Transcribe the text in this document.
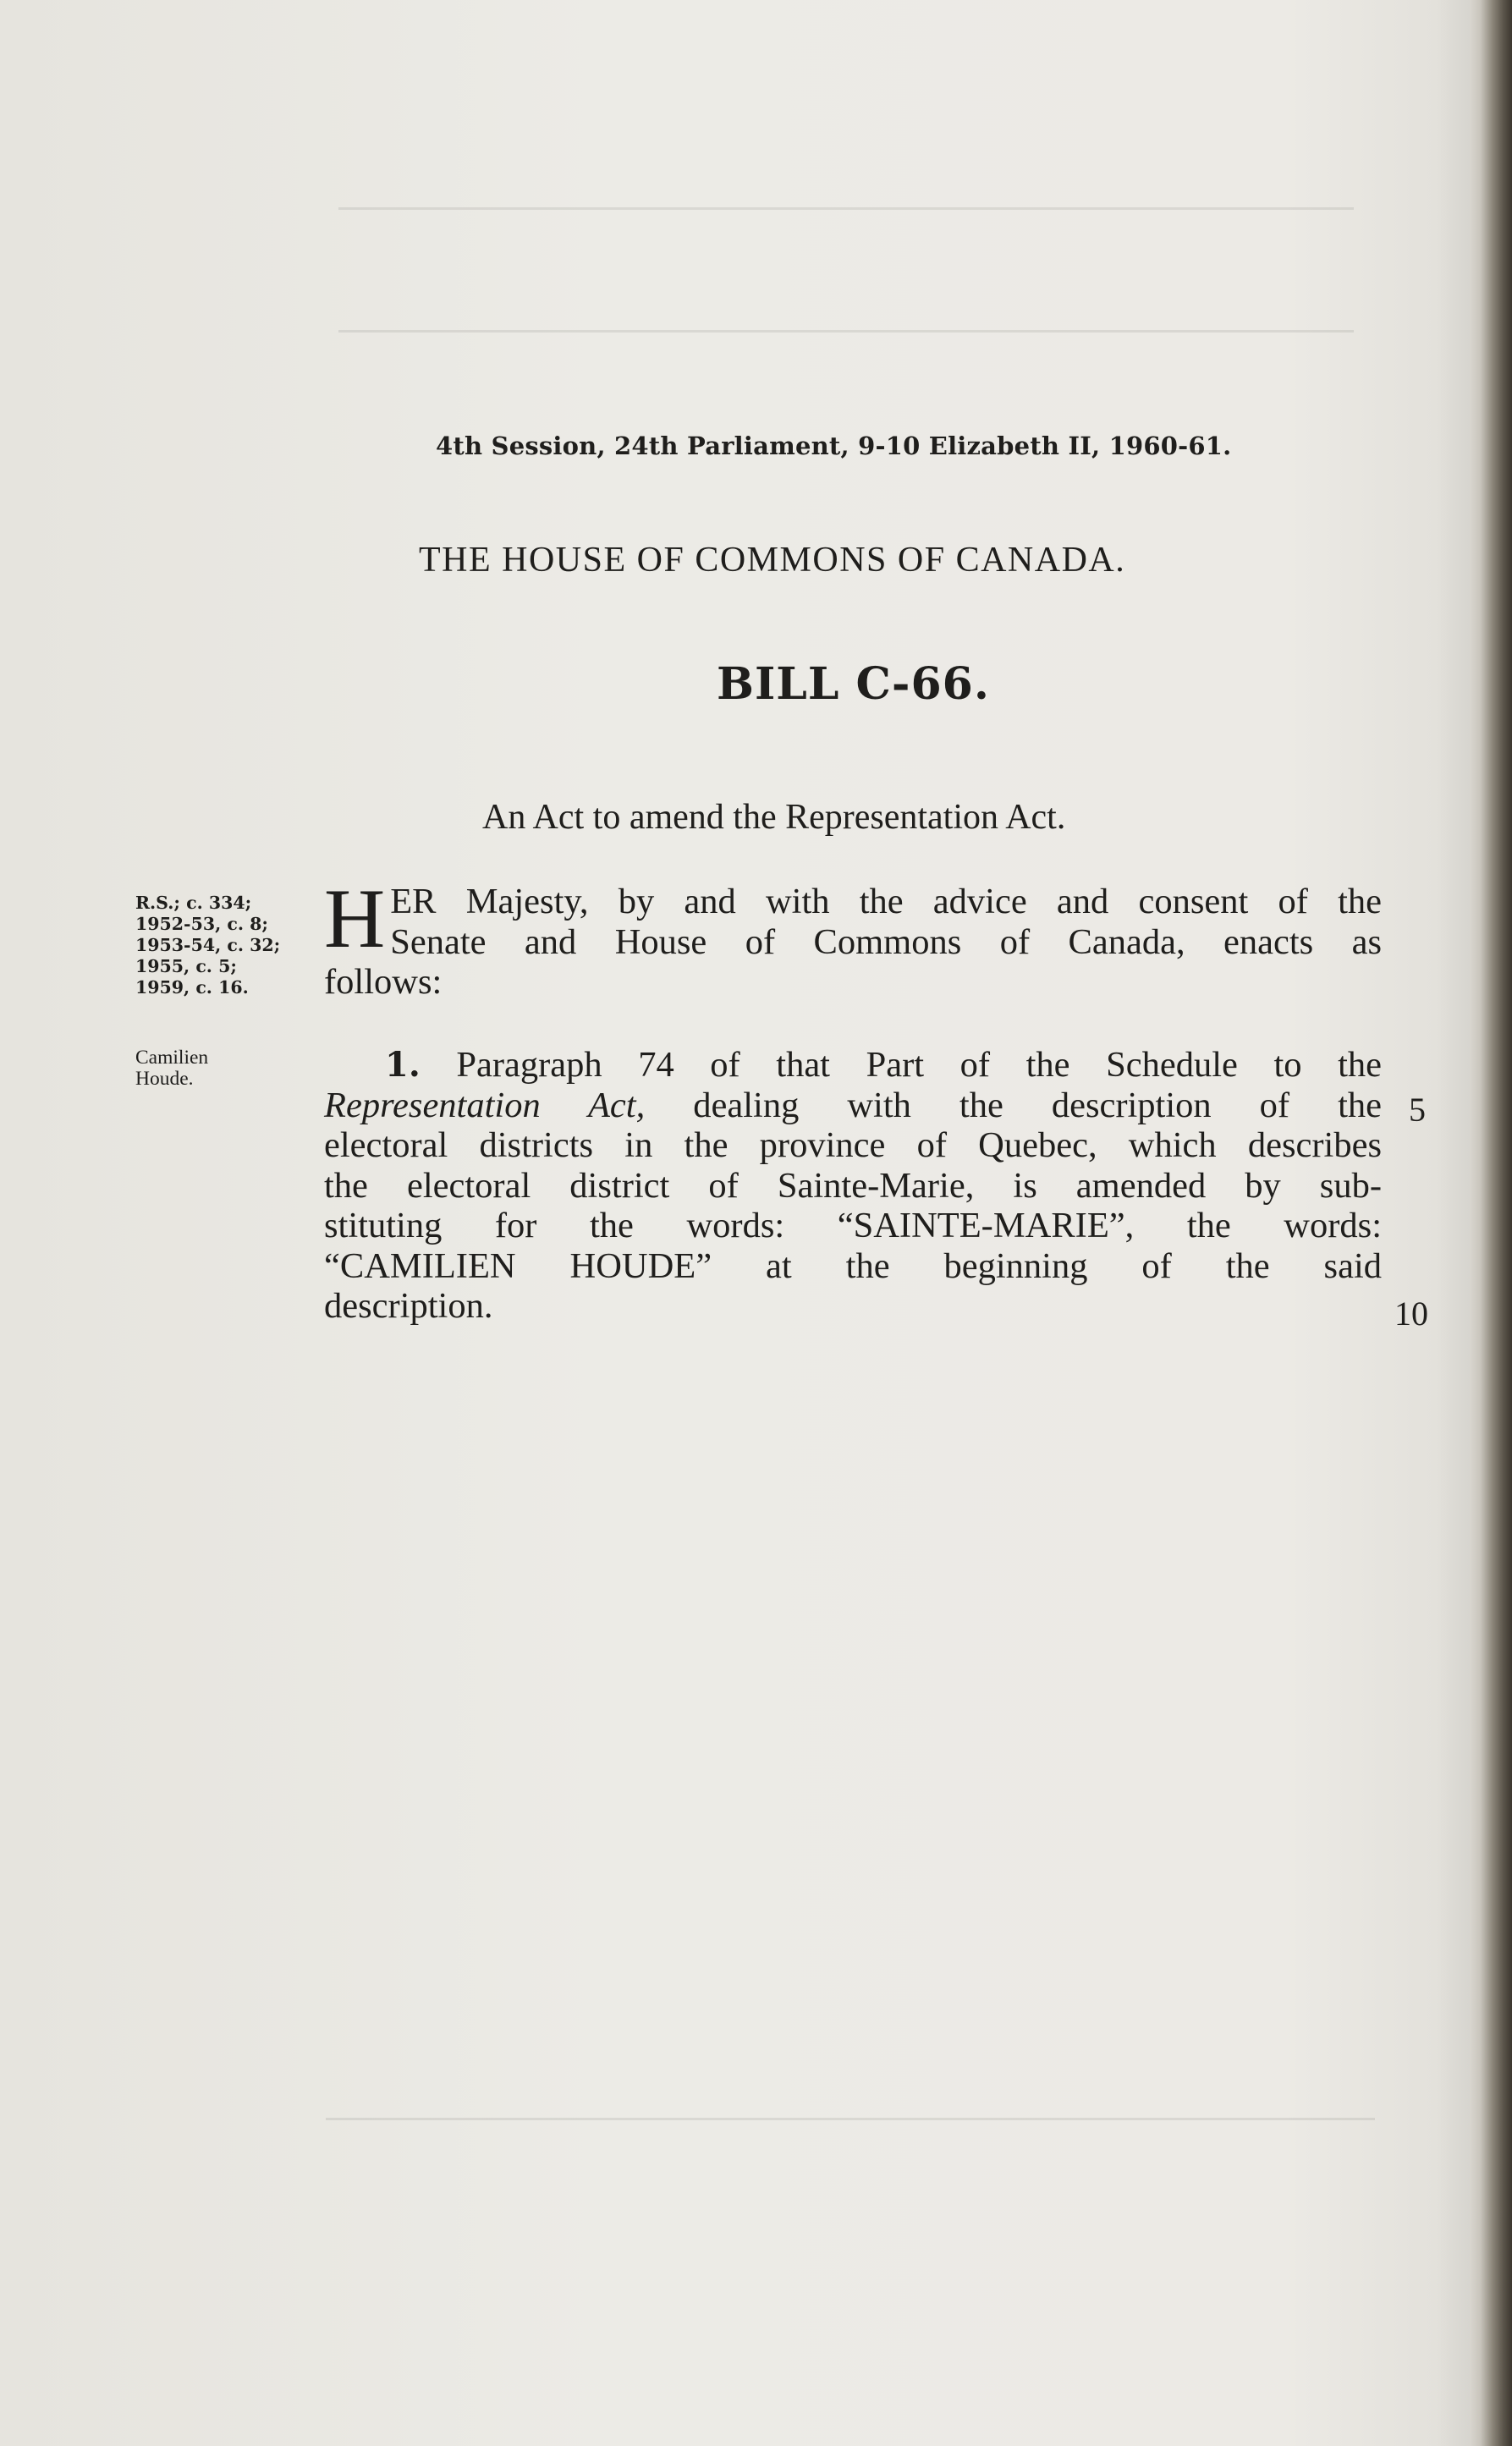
4th Session, 24th Parliament, 9-10 Elizabeth II, 1960-61.
THE HOUSE OF COMMONS OF CANADA.
BILL C-66.
An Act to amend the Representation Act.
R.S.; c. 334;
1952-53, c. 8;
1953-54, c. 32;
1955, c. 5;
1959, c. 16.
Camilien
Houde.
H ER Majesty, by and with the advice and consent of the
Senate and House of Commons of Canada, enacts as
follows:
1. Paragraph 74 of that Part of the Schedule to the
Representation Act, dealing with the description of the
electoral districts in the province of Quebec, which describes
the electoral district of Sainte-Marie, is amended by sub-
stituting for the words: “SAINTE-MARIE”, the words:
“CAMILIEN HOUDE” at the beginning of the said
description.
5
10
